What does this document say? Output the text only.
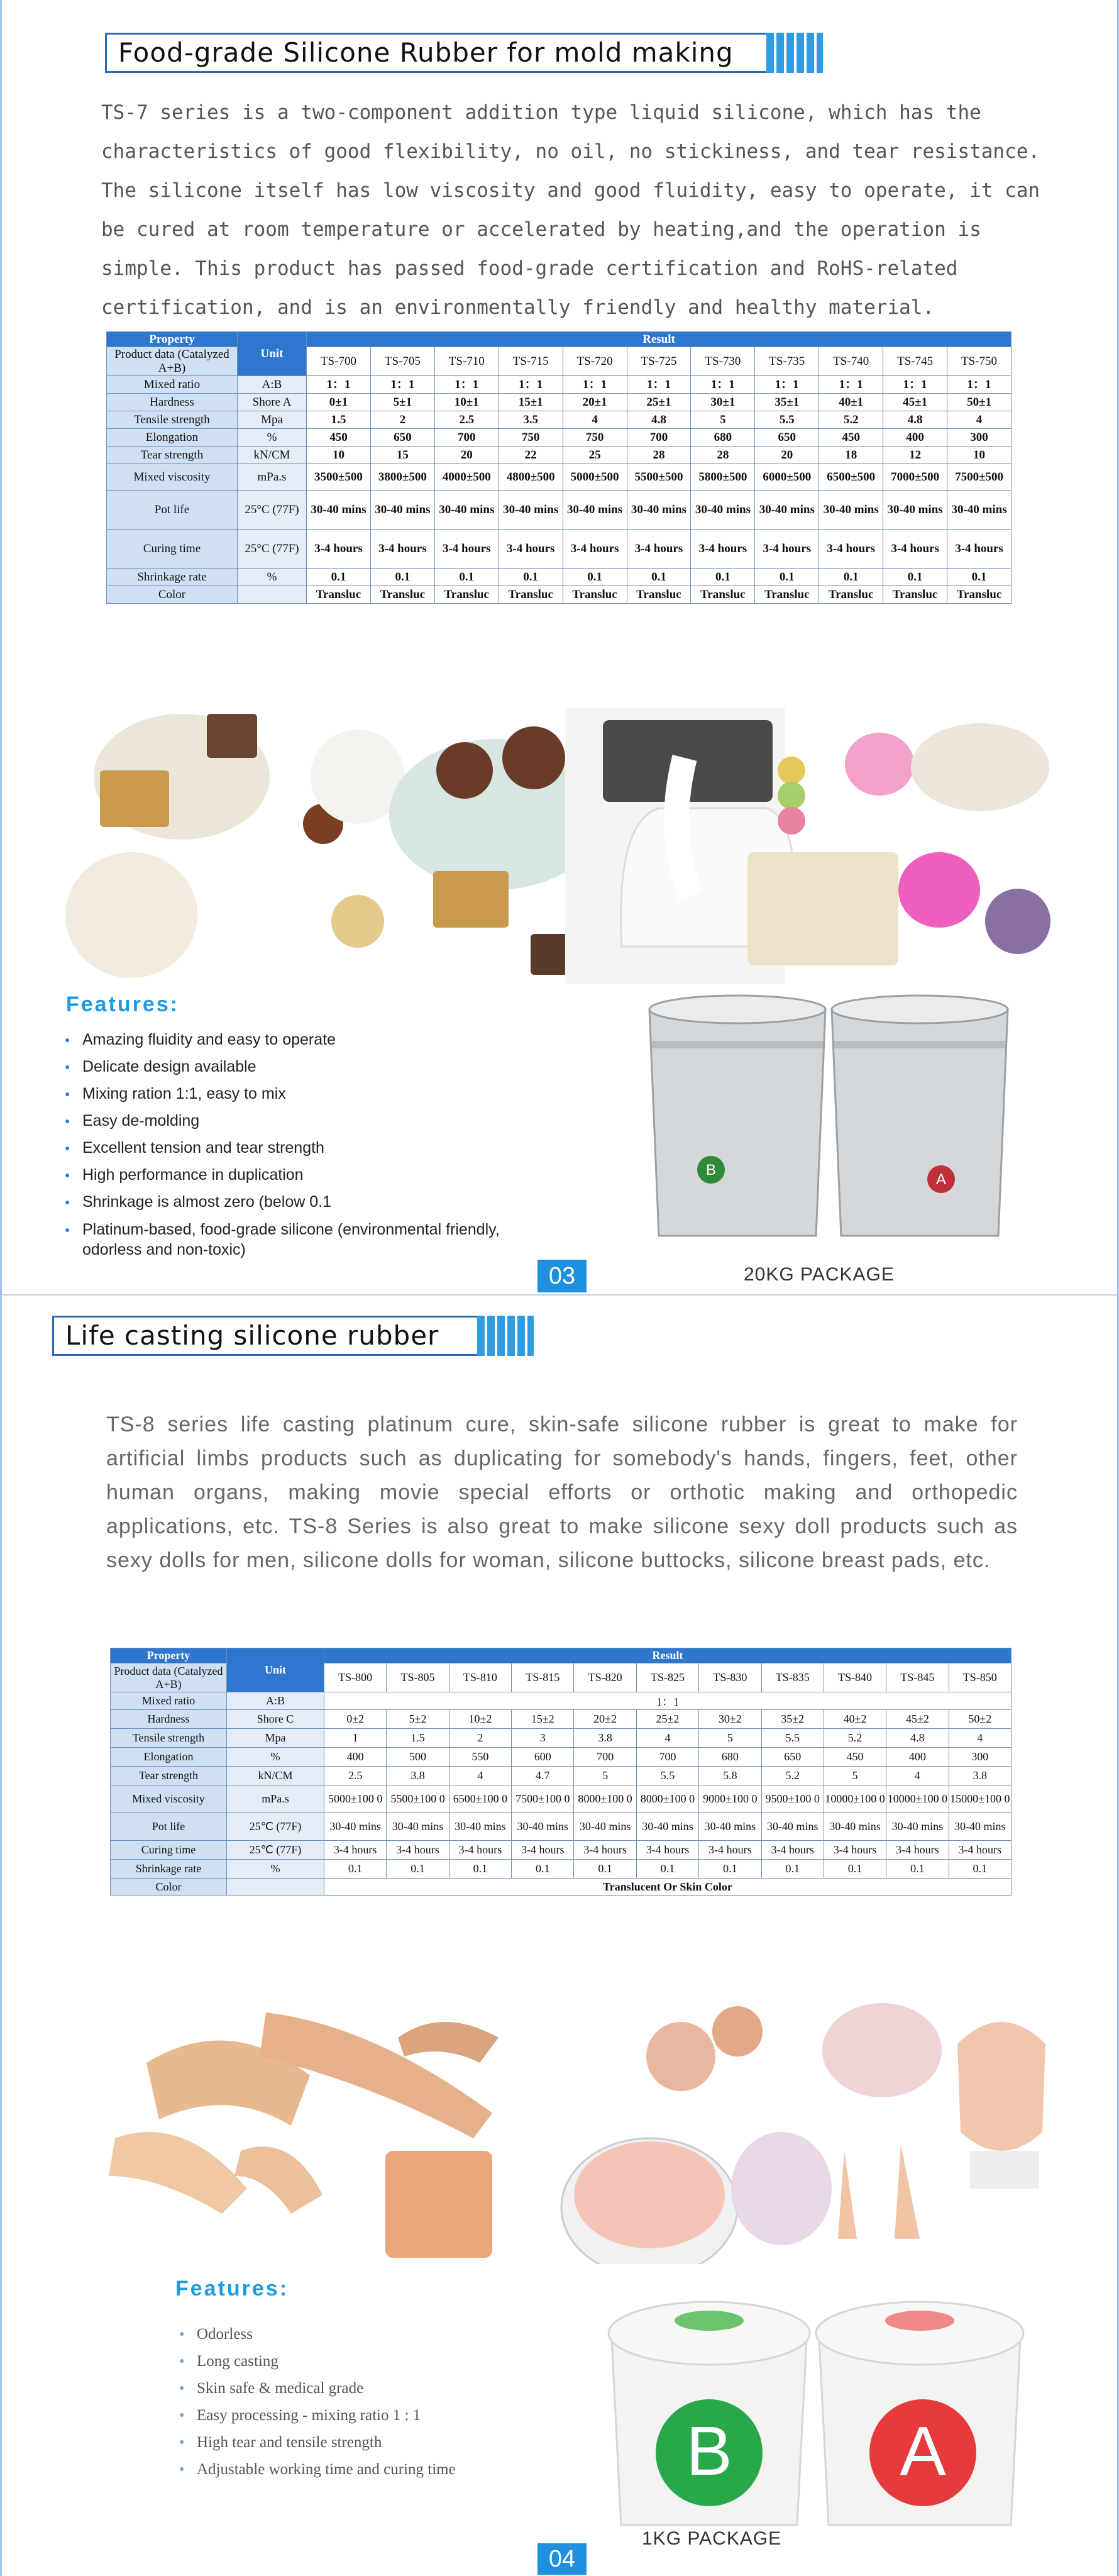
Food-grade Silicone Rubber for mold making
TS-7 series is a two-component addition type liquid silicone, which has the characteristics of good flexibility, no oil, no stickiness, and tear resistance. The silicone itself has low viscosity and good fluidity, easy to operate, it can be cured at room temperature or accelerated by heating,and the operation is simple. This product has passed food-grade certification and RoHS-related certification, and is an environmentally friendly and healthy material.
Property	Unit	Result										
Product data (Catalyzed A+B)		TS-700	TS-705	TS-710	TS-715	TS-720	TS-725	TS-730	TS-735	TS-740	TS-745	TS-750
Mixed ratio	A:B	1：1	1：1	1：1	1：1	1：1	1：1	1：1	1：1	1：1	1：1	1：1
Hardness	Shore A	0±1	5±1	10±1	15±1	20±1	25±1	30±1	35±1	40±1	45±1	50±1
Tensile strength	Mpa	1.5	2	2.5	3.5	4	4.8	5	5.5	5.2	4.8	4
Elongation	%	450	650	700	750	750	700	680	650	450	400	300
Tear strength	kN/CM	10	15	20	22	25	28	28	20	18	12	10
Mixed viscosity	mPa.s	3500±500	3800±500	4000±500	4800±500	5000±500	5500±500	5800±500	6000±500	6500±500	7000±500	7500±500
Pot life	25°C (77F)	30-40 mins	30-40 mins	30-40 mins	30-40 mins	30-40 mins	30-40 mins	30-40 mins	30-40 mins	30-40 mins	30-40 mins	30-40 mins
Curing time	25°C (77F)	3-4 hours	3-4 hours	3-4 hours	3-4 hours	3-4 hours	3-4 hours	3-4 hours	3-4 hours	3-4 hours	3-4 hours	3-4 hours
Shrinkage rate	%	0.1	0.1	0.1	0.1	0.1	0.1	0.1	0.1	0.1	0.1	0.1
Color		Transluc	Transluc	Transluc	Transluc	Transluc	Transluc	Transluc	Transluc	Transluc	Transluc	Transluc
Features:
● Amazing fluidity and easy to operate
● Delicate design available
● Mixing ration 1:1, easy to mix
● Easy de-molding
● Excellent tension and tear strength
● High performance in duplication
● Shrinkage is almost zero (below 0.1
● Platinum-based, food-grade silicone (environmental friendly, odorless and non-toxic)
B
A
03	20KG PACKAGE
Life casting silicone rubber
TS-8 series life casting platinum cure, skin-safe silicone rubber is great to make for artificial limbs products such as duplicating for somebody's hands, fingers, feet, other human organs, making movie special efforts or orthotic making and orthopedic applications, etc. TS-8 Series is also great to make silicone sexy doll products such as sexy dolls for men, silicone dolls for woman, silicone buttocks, silicone breast pads, etc.
Property	Unit	Result										
Product data (Catalyzed A+B)		TS-800	TS-805	TS-810	TS-815	TS-820	TS-825	TS-830	TS-835	TS-840	TS-845	TS-850
Mixed ratio	A:B	1：1										
Hardness	Shore C	0±2	5±2	10±2	15±2	20±2	25±2	30±2	35±2	40±2	45±2	50±2
Tensile strength	Mpa	1	1.5	2	3	3.8	4	5	5.5	5.2	4.8	4
Elongation	%	400	500	550	600	700	700	680	650	450	400	300
Tear strength	kN/CM	2.5	3.8	4	4.7	5	5.5	5.8	5.2	5	4	3.8
Mixed viscosity	mPa.s	5000±100 0	5500±100 0	6500±100 0	7500±100 0	8000±100 0	8000±100 0	9000±100 0	9500±100 0	10000±100 0	10000±100 0	15000±100 0
Pot life	25℃ (77F)	30-40 mins	30-40 mins	30-40 mins	30-40 mins	30-40 mins	30-40 mins	30-40 mins	30-40 mins	30-40 mins	30-40 mins	30-40 mins
Curing time	25℃ (77F)	3-4 hours	3-4 hours	3-4 hours	3-4 hours	3-4 hours	3-4 hours	3-4 hours	3-4 hours	3-4 hours	3-4 hours	3-4 hours
Shrinkage rate	%	0.1	0.1	0.1	0.1	0.1	0.1	0.1	0.1	0.1	0.1	0.1
Color		Translucent Or Skin Color										
Features:
● Odorless
● Long casting
● Skin safe & medical grade
● Easy processing - mixing ratio 1 : 1
● High tear and tensile strength
● Adjustable working time and curing time	B A
1KG PACKAGE
04
